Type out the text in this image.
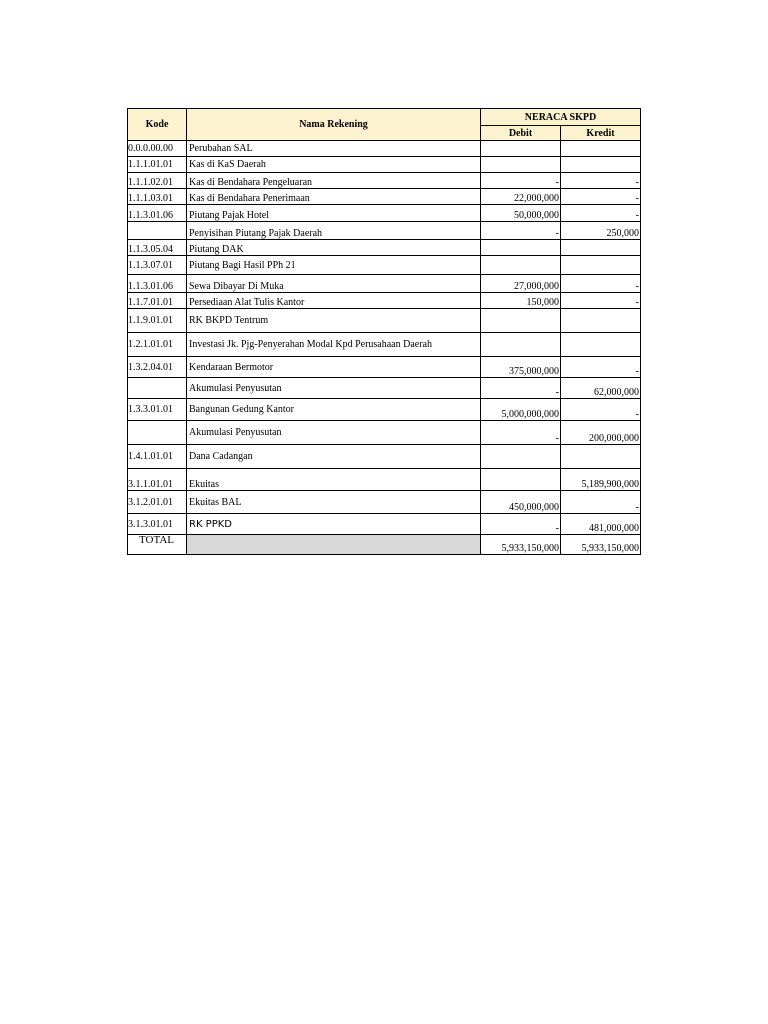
Kode	Nama Rekening	NERACA SKPD	
		Debit	Kredit
0.0.0.00.00	Perubahan SAL		
1.1.1.01.01	Kas di KaS Daerah		
1.1.1.02.01	Kas di Bendahara Pengeluaran	-	-
1.1.1.03.01	Kas di Bendahara Penerimaan	22,000,000	-
1.1.3.01.06	Piutang Pajak Hotel	50,000,000	-
	Penyisihan Piutang Pajak Daerah	-	250,000
1.1.3.05.04	Piutang DAK		
1.1.3.07.01	Piutang Bagi Hasil PPh 21		
1.1.3.01.06	Sewa Dibayar Di Muka	27,000,000	-
1.1.7.01.01	Persediaan Alat Tulis Kantor	150,000	-
1.1.9.01.01	RK BKPD Tentrum		
1.2.1.01.01	Investasi Jk. Pjg-Penyerahan Modal Kpd Perusahaan Daerah		
1.3.2.04.01	Kendaraan Bermotor	375,000,000	-
	Akumulasi Penyusutan	-	62,000,000
1.3.3.01.01	Bangunan Gedung Kantor	5,000,000,000	-
	Akumulasi Penyusutan	-	200,000,000
1.4.1.01.01	Dana Cadangan		
3.1.1.01.01	Ekuitas		5,189,900,000
3.1.2.01.01	Ekuitas BAL	450,000,000	-
3.1.3.01.01	RK PPKD	-	481,000,000
TOTAL		5,933,150,000	5,933,150,000
